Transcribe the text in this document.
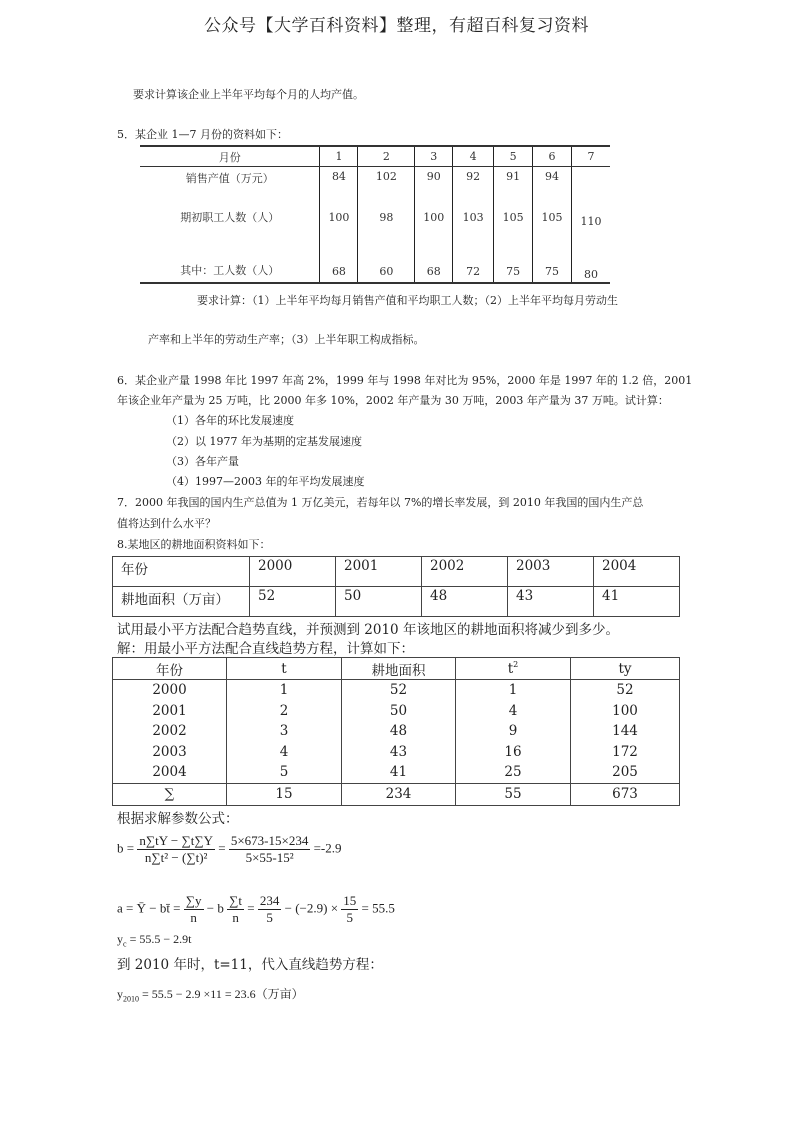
公众号【大学百科资料】整理，有超百科复习资料
要求计算该企业上半年平均每个月的人均产值。
5．某企业 1—7 月份的资料如下：
月份	1	2	3	4	5	6	7
销售产值（万元）	84	102	90	92	91	94	
期初职工人数（人）	100	98	100	103	105	105	110
其中：工人数（人）	68	60	68	72	75	75	80
要求计算：（1）上半年平均每月销售产值和平均职工人数；（2）上半年平均每月劳动生
产率和上半年的劳动生产率；（3）上半年职工构成指标。
6．某企业产量 1998 年比 1997 年高 2%，1999 年与 1998 年对比为 95%，2000 年是 1997 年的 1.2 倍，2001
年该企业年产量为 25 万吨，比 2000 年多 10%，2002 年产量为 30 万吨，2003 年产量为 37 万吨。试计算：
（1）各年的环比发展速度
（2）以 1977 年为基期的定基发展速度
（3）各年产量
（4）1997—2003 年的年平均发展速度
7．2000 年我国的国内生产总值为 1 万亿美元，若每年以 7%的增长率发展，到 2010 年我国的国内生产总
值将达到什么水平？
8.某地区的耕地面积资料如下：
年份	2000	2001	2002	2003	2004
耕地面积（万亩）	52	50	48	43	41
试用最小平方法配合趋势直线，并预测到 2010 年该地区的耕地面积将减少到多少。
解：用最小平方法配合直线趋势方程，计算如下：
年份	t	耕地面积	$t^2$	ty
2000	1	52	1	52
2001	2	50	4	100
2002	3	48	9	144
2003	4	43	16	172
2004	5	41	25	205
∑	15	234	55	673
根据求解参数公式：
$b = \frac{n\sum tY - \sum t\sum Y}{\text{n∑t² − (∑t)²}} = \frac{5\times 673-15\times 234}{\text{5×55-15²}} =-2.9$
a = Ȳ − bt̄ = $\frac{\sum y}{n} - b \frac{\sum t}{n} = \frac{234}{5} - (-2.9) \times \frac{15}{5} = 55.5$
$y_c = 55.5 - 2.9t$
到 2010 年时，t=11，代入直线趋势方程：
$y_{2010} = 55.5 - 2.9 \times 11 = 23.6$（万亩）
